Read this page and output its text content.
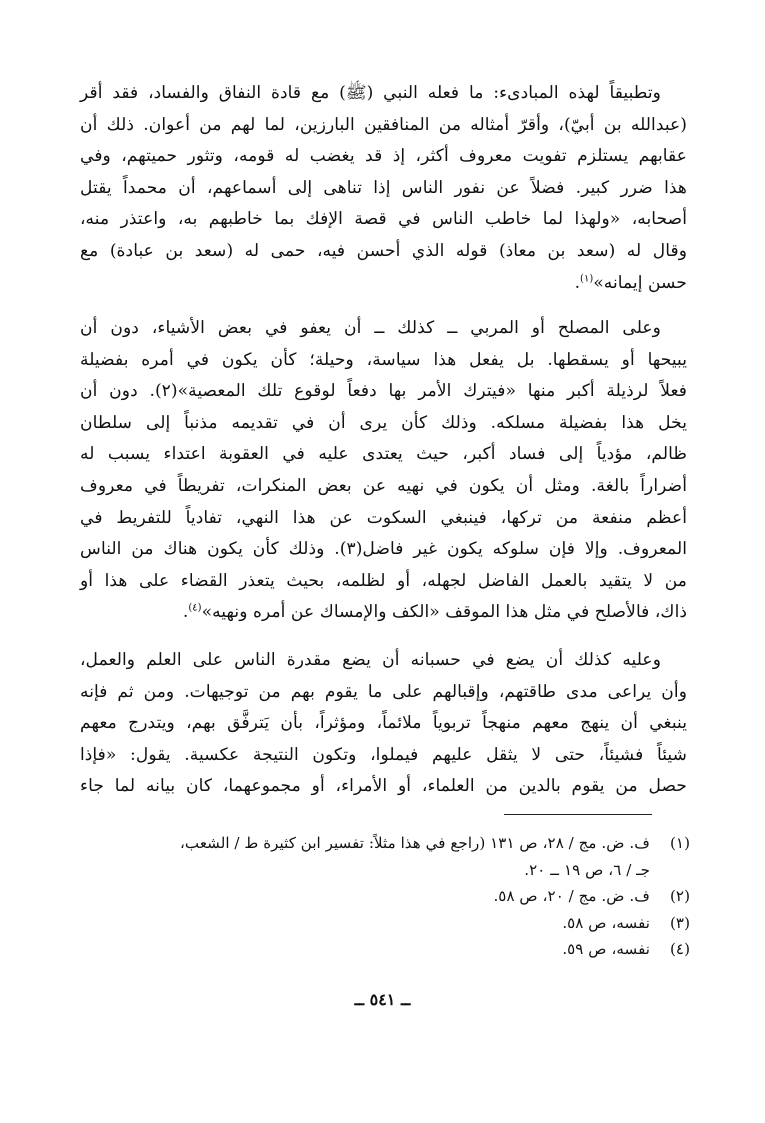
وتطبيقاً لهذه المبادىء: ما فعله النبي (ﷺ) مع قادة النفاق والفساد، فقد أقر
(عبدالله بن أبيّ)، وأقرّ أمثاله من المنافقين البارزين، لما لهم من أعوان. ذلك أن
عقابهم يستلزم تفويت معروف أكثر، إذ قد يغضب له قومه، وتثور حميتهم، وفي
هذا ضرر كبير. فضلاً عن نفور الناس إذا تناهى إلى أسماعهم، أن محمداً يقتل
أصحابه، «ولهذا لما خاطب الناس في قصة الإفك بما خاطبهم به، واعتذر منه،
وقال له (سعد بن معاذ) قوله الذي أحسن فيه، حمى له (سعد بن عبادة) مع
حسن إيمانه»$^{(١)}$.
وعلى المصلح أو المربي ــ كذلك ــ أن يعفو في بعض الأشياء، دون أن
يبيحها أو يسقطها. بل يفعل هذا سياسة، وحيلة؛ كأن يكون في أمره بفضيلة
فعلاً لرذيلة أكبر منها «فيترك الأمر بها دفعاً لوقوع تلك المعصية»(٢). دون أن
يخل هذا بفضيلة مسلكه. وذلك كأن يرى أن في تقديمه مذنباً إلى سلطان
ظالم، مؤدياً إلى فساد أكبر، حيث يعتدى عليه في العقوبة اعتداء يسبب له
أضراراً بالغة. ومثل أن يكون في نهيه عن بعض المنكرات، تفريطاً في معروف
أعظم منفعة من تركها، فينبغي السكوت عن هذا النهي، تفادياً للتفريط في
المعروف. وإلا فإن سلوكه يكون غير فاضل(٣). وذلك كأن يكون هناك من الناس
من لا يتقيد بالعمل الفاضل لجهله، أو لظلمه، بحيث يتعذر القضاء على هذا أو
ذاك، فالأصلح في مثل هذا الموقف «الكف والإمساك عن أمره ونهيه»$^{(٤)}$.
وعليه كذلك أن يضع في حسبانه أن يضع مقدرة الناس على العلم والعمل،
وأن يراعى مدى طاقتهم، وإقبالهم على ما يقوم بهم من توجيهات. ومن ثم فإنه
ينبغي أن ينهج معهم منهجاً تربوياً ملائماً، ومؤثراً، بأن يَترفَّق بهم، ويتدرج معهم
شيئاً فشيئاً، حتى لا يثقل عليهم فيملوا، وتكون النتيجة عكسية. يقول: «فإذا
حصل من يقوم بالدين من العلماء، أو الأمراء، أو مجموعهما، كان بيانه لما جاء
(١)
ف. ض. مج / ٢٨، ص ١٣١ (راجع في هذا مثلاً: تفسير ابن كثيرة ط / الشعب،
جـ / ٦، ص ١٩ ــ ٢٠.
(٢)
ف. ض. مج / ٢٠، ص ٥٨.
(٣)
نفسه، ص ٥٨.
(٤)
نفسه، ص ٥٩.
ــ ٥٤١ ــ
